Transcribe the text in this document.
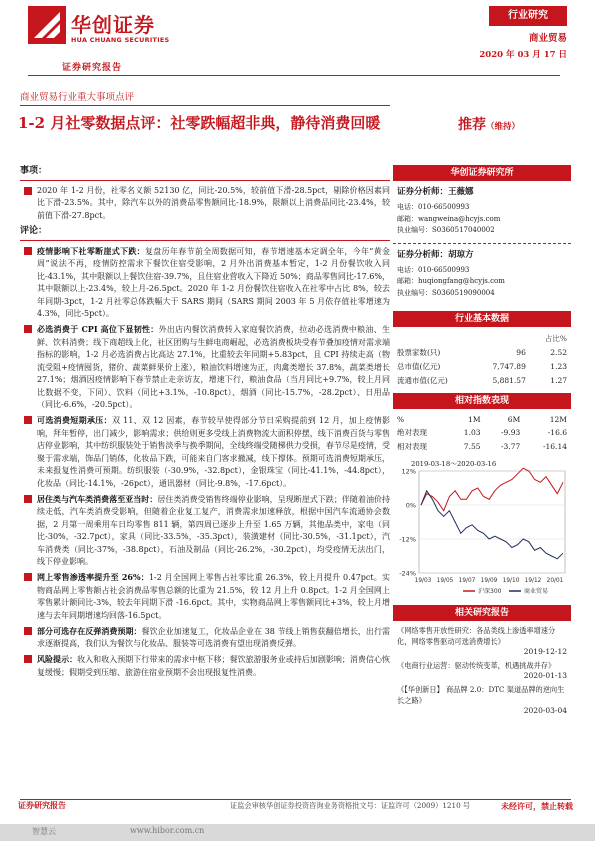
华创证券
HUA CHUANG SECURITIES
证券研究报告
行业研究
商业贸易
2020 年 03 月 17 日
商业贸易行业重大事项点评
1-2 月社零数据点评：社零跌幅超非典，静待消费回暖	推荐（维持）
事项：
2020 年 1-2 月份，社零名义额 52130 亿，同比-20.5%，较前值下滑-28.5pct，剔除价格因素同比下滑-23.5%。其中，除汽车以外的消费品零售额同比-18.9%，限额以上消费品同比-23.4%，较前值下滑-27.8pct。
评论：
疫情影响下社零断崖式下跌：复盘历年春节前全周数据可知，春节增速基本定调全年，今年“黄金周”说法不再，疫情防控需求下餐饮住宿受影响，2 月外出消费基本暂定，1-2 月份餐饮收入同比-43.1%，其中限额以上餐饮住宿-39.7%，且住宿业营收入下降近 50%；商品零售同比-17.6%，其中限额以上-23.4%，较上月-26.5pct。2020 年 1-2 月份餐饮住宿收入在社零中占比 8%，较去年同期-3pct，1-2 月社零总体跌幅大于 SARS 期间（SARS 期间 2003 年 5 月依存值社零增速为 4.3%，同比-5pct）。
必选消费于 CPI 高位下显韧性：外出店内餐饮消费转入家庭餐饮消费，拉动必选消费中粮油、生鲜、饮料消费；线下商超线上化，社区团购与生鲜电商崛起，必选消费板块受春节叠加疫情对需求端指标的影响，1-2 月必选消费占比高达 27.1%，比重较去年同期+5.83pct，且 CPI 持续走高（物流受阻+疫情囤货，猪价、蔬菜鲜果价上涨），粮油饮料增速为正，肉禽类增长 37.8%，蔬菜类增长 27.1%；烟酒因疫情影响下春节禁止走亲访友，增速下行，粮油食品（当月同比+9.7%，较上月同比数据不变，下同）、饮料（同比+3.1%，-10.8pct）、烟酒（同比-15.7%，-28.2pct）、日用品（同比-6.6%，-20.5pct）。
可选消费短期承压：双 11、双 12 因素，春节较早使得部分节日采购提前到 12 月，加上疫情影响，拜年暂停，出门减少，影响需求；供给则更多受线上消费物流大面积停摆，线下消费百货与零售店停业影响，其中纺织服装处于销售淡季与换季期间，全线终端受随梯供力受损，春节尽是疫情，受聚于需求端，饰品门销体，化妆品下跌，可能来自门客求撤减，线下撑体。预期可选消费短期承压，未来报复性消费可预期。纺织服装（-30.9%，-32.8pct），金银珠宝（同比-41.1%，-44.8pct），化妆品（同比-14.1%，-26pct），通讯器材（同比-9.8%，-17.6pct）。
居住类与汽车类消费落至亚当时：居住类消费受销售终端停业影响，呈现断崖式下跌；伴随着油价持续走低，汽车类消费受影响，但随着企业复工复产，消费需求加速释放，根据中国汽车流通协会数据，2 月第一周乘用车日均零售 811 辆，第四周已逐步上升至 1.65 万辆，其他品类中，家电（同比-30%，-32.7pct），家具（同比-33.5%，-35.3pct），装潢建材（同比-30.5%，-31.1pct），汽车消费类（同比-37%，-38.8pct），石油及制品（同比-26.2%，-30.2pct），均受疫情无法出门，线下停业影响。
网上零售渗透率提升至 26%：1-2 月全国网上零售占社零比重 26.3%，较上月提升 0.47pct。实物商品网上零售额占社会消费品零售总额的比重为 21.5%，较 12 月上升 0.8pct。1-2 月全国网上零售累计额同比-3%，较去年同期下滑 -16.6pct。其中，实物商品网上零售额同比+3%，较上月增速与去年同期增速均回落-16.5pct。
部分可选存在反弹消费预期：餐饮企业加速复工，化妆品企业在 38 节线上销售获翻倍增长，出行需求逐渐提高，我们认为餐饮与化妆品、服装等可选消费有望出现消费反弹。
风险提示：收入和收入预期下行带来的需求中枢下移；餐饮旅游服务业或持后加剧影响；消费信心恢复缓慢；假期受到压缩、旅游住宿业预期不会出现报复性消费。
华创证券研究所
证券分析师：王薇娜
电话：010-66500993
邮箱：wangweina@hcyjs.com
执业编号：S0360517040002
证券分析师：胡琼方
电话：010-66500993
邮箱：huqiongfang@hcyjs.com
执业编号：S0360519090004
行业基本数据
		占比%
股票家数(只)	96	2.52
总市值(亿元)	7,747.89	1.23
流通市值(亿元)	5,881.57	1.27
相对指数表现
%	1M	6M	12M
绝对表现	1.03	-9.93	-16.6
相对表现	7.55	-3.77	-16.14
2019-03-18～2020-03-16
12%
0%
-12%
-24%
19/03 19/05 19/07 19/09 19/10 19/12 20/01
沪深300	商业贸易
相关研究报告
《网络零售开放性研究：各品类线上渗透率增速分化，网络零售驱动可选消费增长》
2019-12-12
《电商行业运营：驱动传统变革，机遇挑战并存》
2020-01-13
《【华创新日】 商品牌 2.0：DTC 渠道品牌的逆向生长之路》
2020-03-04
证券研究报告	证监会审核华创证券投资咨询业务资格批文号：证监许可（2009）1210 号	未经许可，禁止转载
智慧云	www.hibor.com.cn
